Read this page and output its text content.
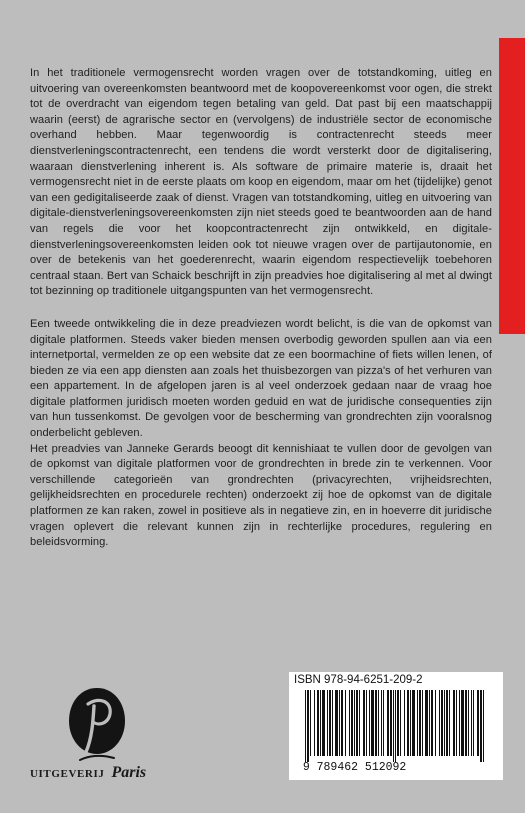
In het traditionele vermogensrecht worden vragen over de totstandkoming, uitleg en uitvoering van overeenkomsten beantwoord met de koopovereenkomst voor ogen, die strekt tot de overdracht van eigendom tegen betaling van geld. Dat past bij een maatschappij waarin (eerst) de agrarische sector en (vervolgens) de industriële sector de economische overhand hebben. Maar tegenwoordig is contractenrecht steeds meer dienstverleningscontractenrecht, een tendens die wordt versterkt door de digitalisering, waaraan dienstverlening inherent is. Als software de primaire materie is, draait het vermogensrecht niet in de eerste plaats om koop en eigendom, maar om het (tijdelijke) genot van een gedigitaliseerde zaak of dienst. Vragen van totstandkoming, uitleg en uitvoering van digitale-dienstverleningsovereenkomsten zijn niet steeds goed te beantwoorden aan de hand van regels die voor het koopcontractenrecht zijn ontwikkeld, en digitale-dienstverleningsovereenkomsten leiden ook tot nieuwe vragen over de partijautonomie, en over de betekenis van het goederenrecht, waarin eigendom respectievelijk toebehoren centraal staan. Bert van Schaick beschrijft in zijn preadvies hoe digitalisering al met al dwingt tot bezinning op traditionele uitgangspunten van het vermogensrecht.

Een tweede ontwikkeling die in deze preadviezen wordt belicht, is die van de opkomst van digitale platformen. Steeds vaker bieden mensen overbodig geworden spullen aan via een internetportal, vermelden ze op een website dat ze een boormachine of fiets willen lenen, of bieden ze via een app diensten aan zoals het thuisbezorgen van pizza's of het verhuren van een appartement. In de afgelopen jaren is al veel onderzoek gedaan naar de vraag hoe digitale platformen juridisch moeten worden geduid en wat de juridische consequenties zijn van hun tussenkomst. De gevolgen voor de bescherming van grondrechten zijn vooralsnog onderbelicht gebleven.

Het preadvies van Janneke Gerards beoogt dit kennishiaat te vullen door de gevolgen van de opkomst van digitale platformen voor de grondrechten in brede zin te verkennen. Voor verschillende categorieën van grondrechten (privacyrechten, vrijheidsrechten, gelijkheidsrechten en procedurele rechten) onderzoekt zij hoe de opkomst van de digitale platformen ze kan raken, zowel in positieve als in negatieve zin, en in hoeverre dit juridische vragen oplevert die relevant kunnen zijn in rechterlijke procedures, regulering en beleidsvorming.

UITGEVERIJ Paris
ISBN 978-94-6251-209-2
9 789462 512092
